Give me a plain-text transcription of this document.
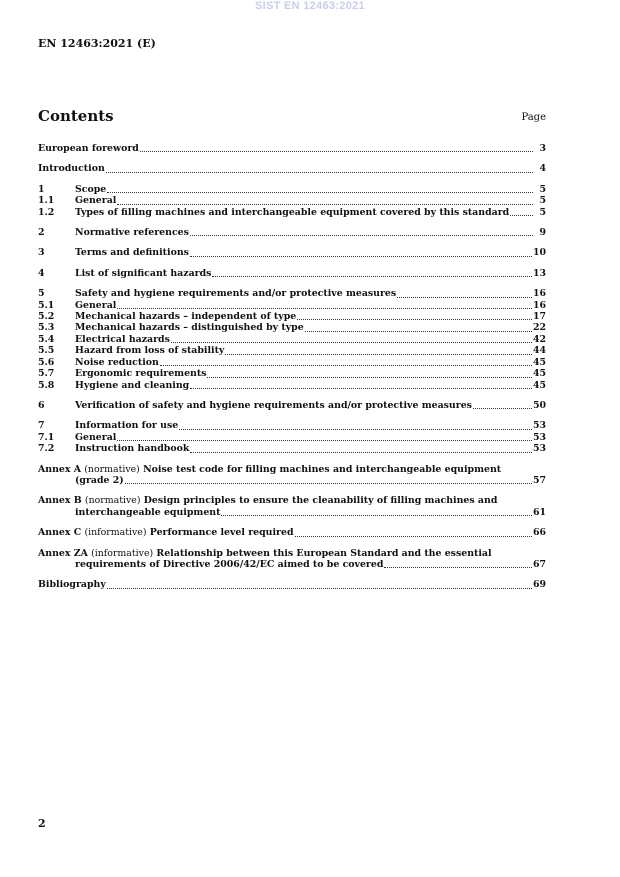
SIST EN 12463:2021
EN 12463:2021 (E)
Contents	Page
European foreword	3
Introduction	4
1	Scope	5
1.1	General	5
1.2	Types of filling machines and interchangeable equipment covered by this standard	5
2	Normative references	9
3	Terms and definitions	10
4	List of significant hazards	13
5	Safety and hygiene requirements and/or protective measures	16
5.1	General	16
5.2	Mechanical hazards – independent of type	17
5.3	Mechanical hazards – distinguished by type	22
5.4	Electrical hazards	42
5.5	Hazard from loss of stability	44
5.6	Noise reduction	45
5.7	Ergonomic requirements	45
5.8	Hygiene and cleaning	45
6	Verification of safety and hygiene requirements and/or protective measures	50
7	Information for use	53
7.1	General	53
7.2	Instruction handbook	53
Annex A (normative) Noise test code for filling machines and interchangeable equipment
(grade 2)	57
Annex B (normative) Design principles to ensure the cleanability of filling machines and
interchangeable equipment	61
Annex C (informative) Performance level required	66
Annex ZA (informative) Relationship between this European Standard and the essential
requirements of Directive 2006/42/EC aimed to be covered	67
Bibliography	69
2
